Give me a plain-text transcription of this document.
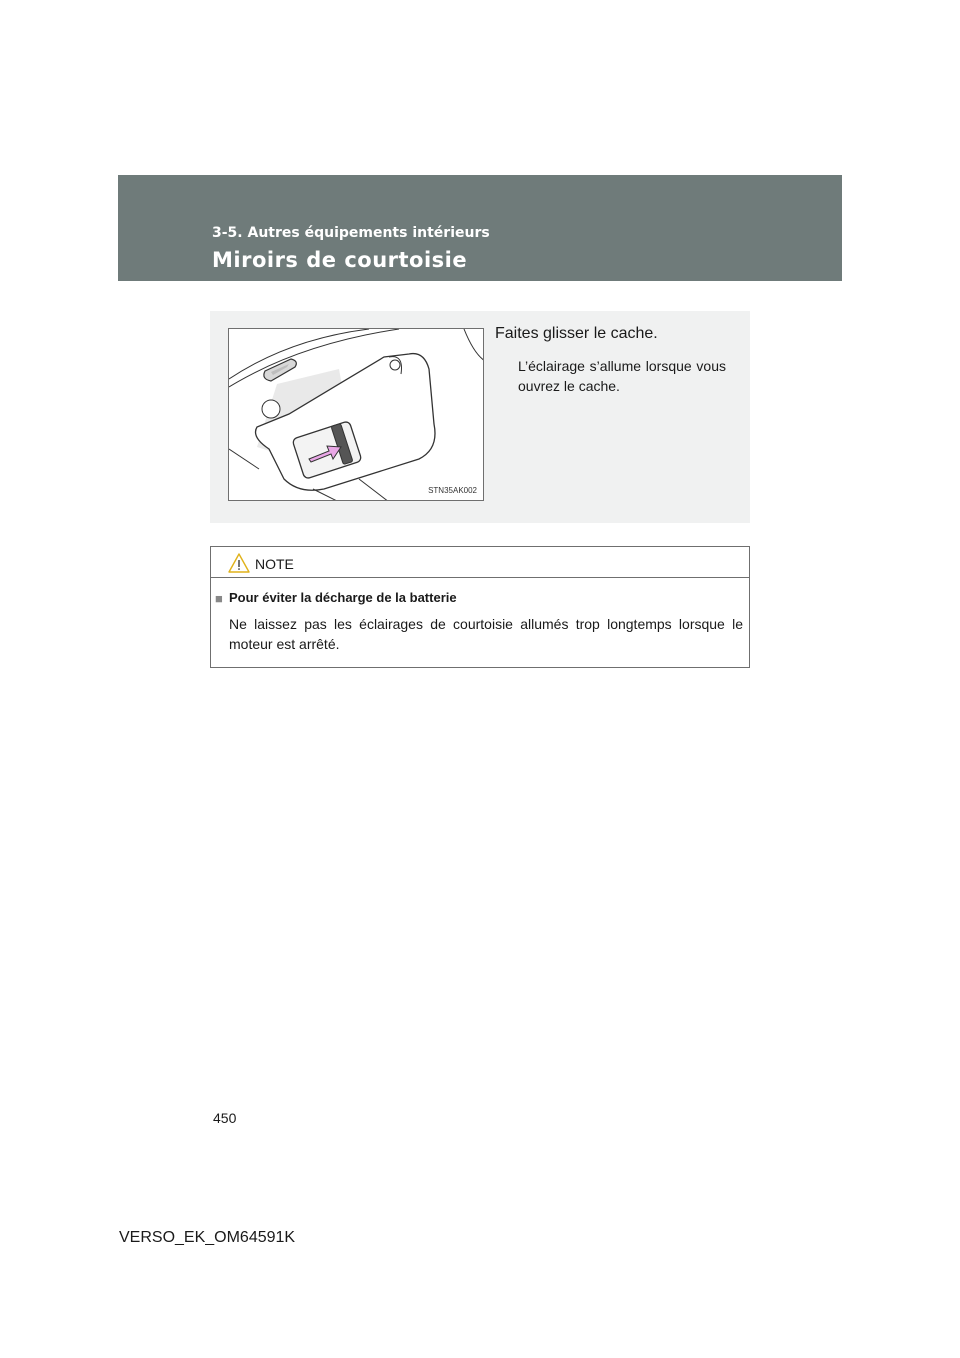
3-5. Autres équipements intérieurs
Miroirs de courtoisie
STN35AK002
Faites glisser le cache.
L’éclairage s’allume lorsque vous ouvrez le cache.
NOTE
■ Pour éviter la décharge de la batterie
Ne laissez pas les éclairages de courtoisie allumés trop longtemps lorsque le moteur est arrêté.
450
VERSO_EK_OM64591K
